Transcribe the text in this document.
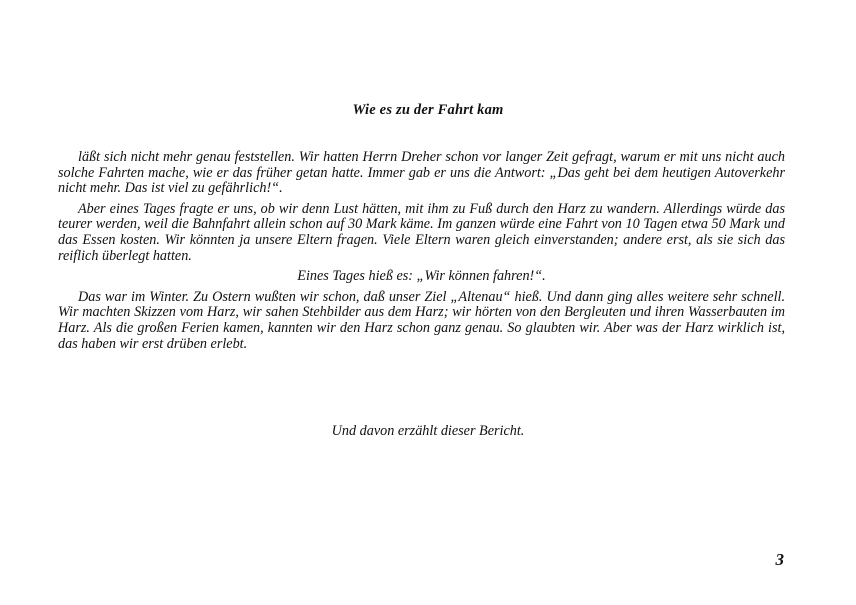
Wie es zu der Fahrt kam

läßt sich nicht mehr genau feststellen. Wir hatten Herrn Dreher schon vor langer Zeit gefragt, warum er mit uns nicht auch solche Fahrten mache, wie er das früher getan hatte. Immer gab er uns die Antwort: „Das geht bei dem heutigen Autoverkehr nicht mehr. Das ist viel zu gefährlich!“.

Aber eines Tages fragte er uns, ob wir denn Lust hätten, mit ihm zu Fuß durch den Harz zu wandern. Allerdings würde das teurer werden, weil die Bahnfahrt allein schon auf 30 Mark käme. Im ganzen würde eine Fahrt von 10 Tagen etwa 50 Mark und das Essen kosten. Wir könnten ja unsere Eltern fragen. Viele Eltern waren gleich einverstanden; andere erst, als sie sich das reiflich überlegt hatten.

Eines Tages hieß es: „Wir können fahren!“.

Das war im Winter. Zu Ostern wußten wir schon, daß unser Ziel „Altenau“ hieß. Und dann ging alles weitere sehr schnell. Wir machten Skizzen vom Harz, wir sahen Stehbilder aus dem Harz; wir hörten von den Bergleuten und ihren Wasserbauten im Harz. Als die großen Ferien kamen, kannten wir den Harz schon ganz genau. So glaubten wir. Aber was der Harz wirklich ist, das haben wir erst drüben erlebt.

Und davon erzählt dieser Bericht.
3
